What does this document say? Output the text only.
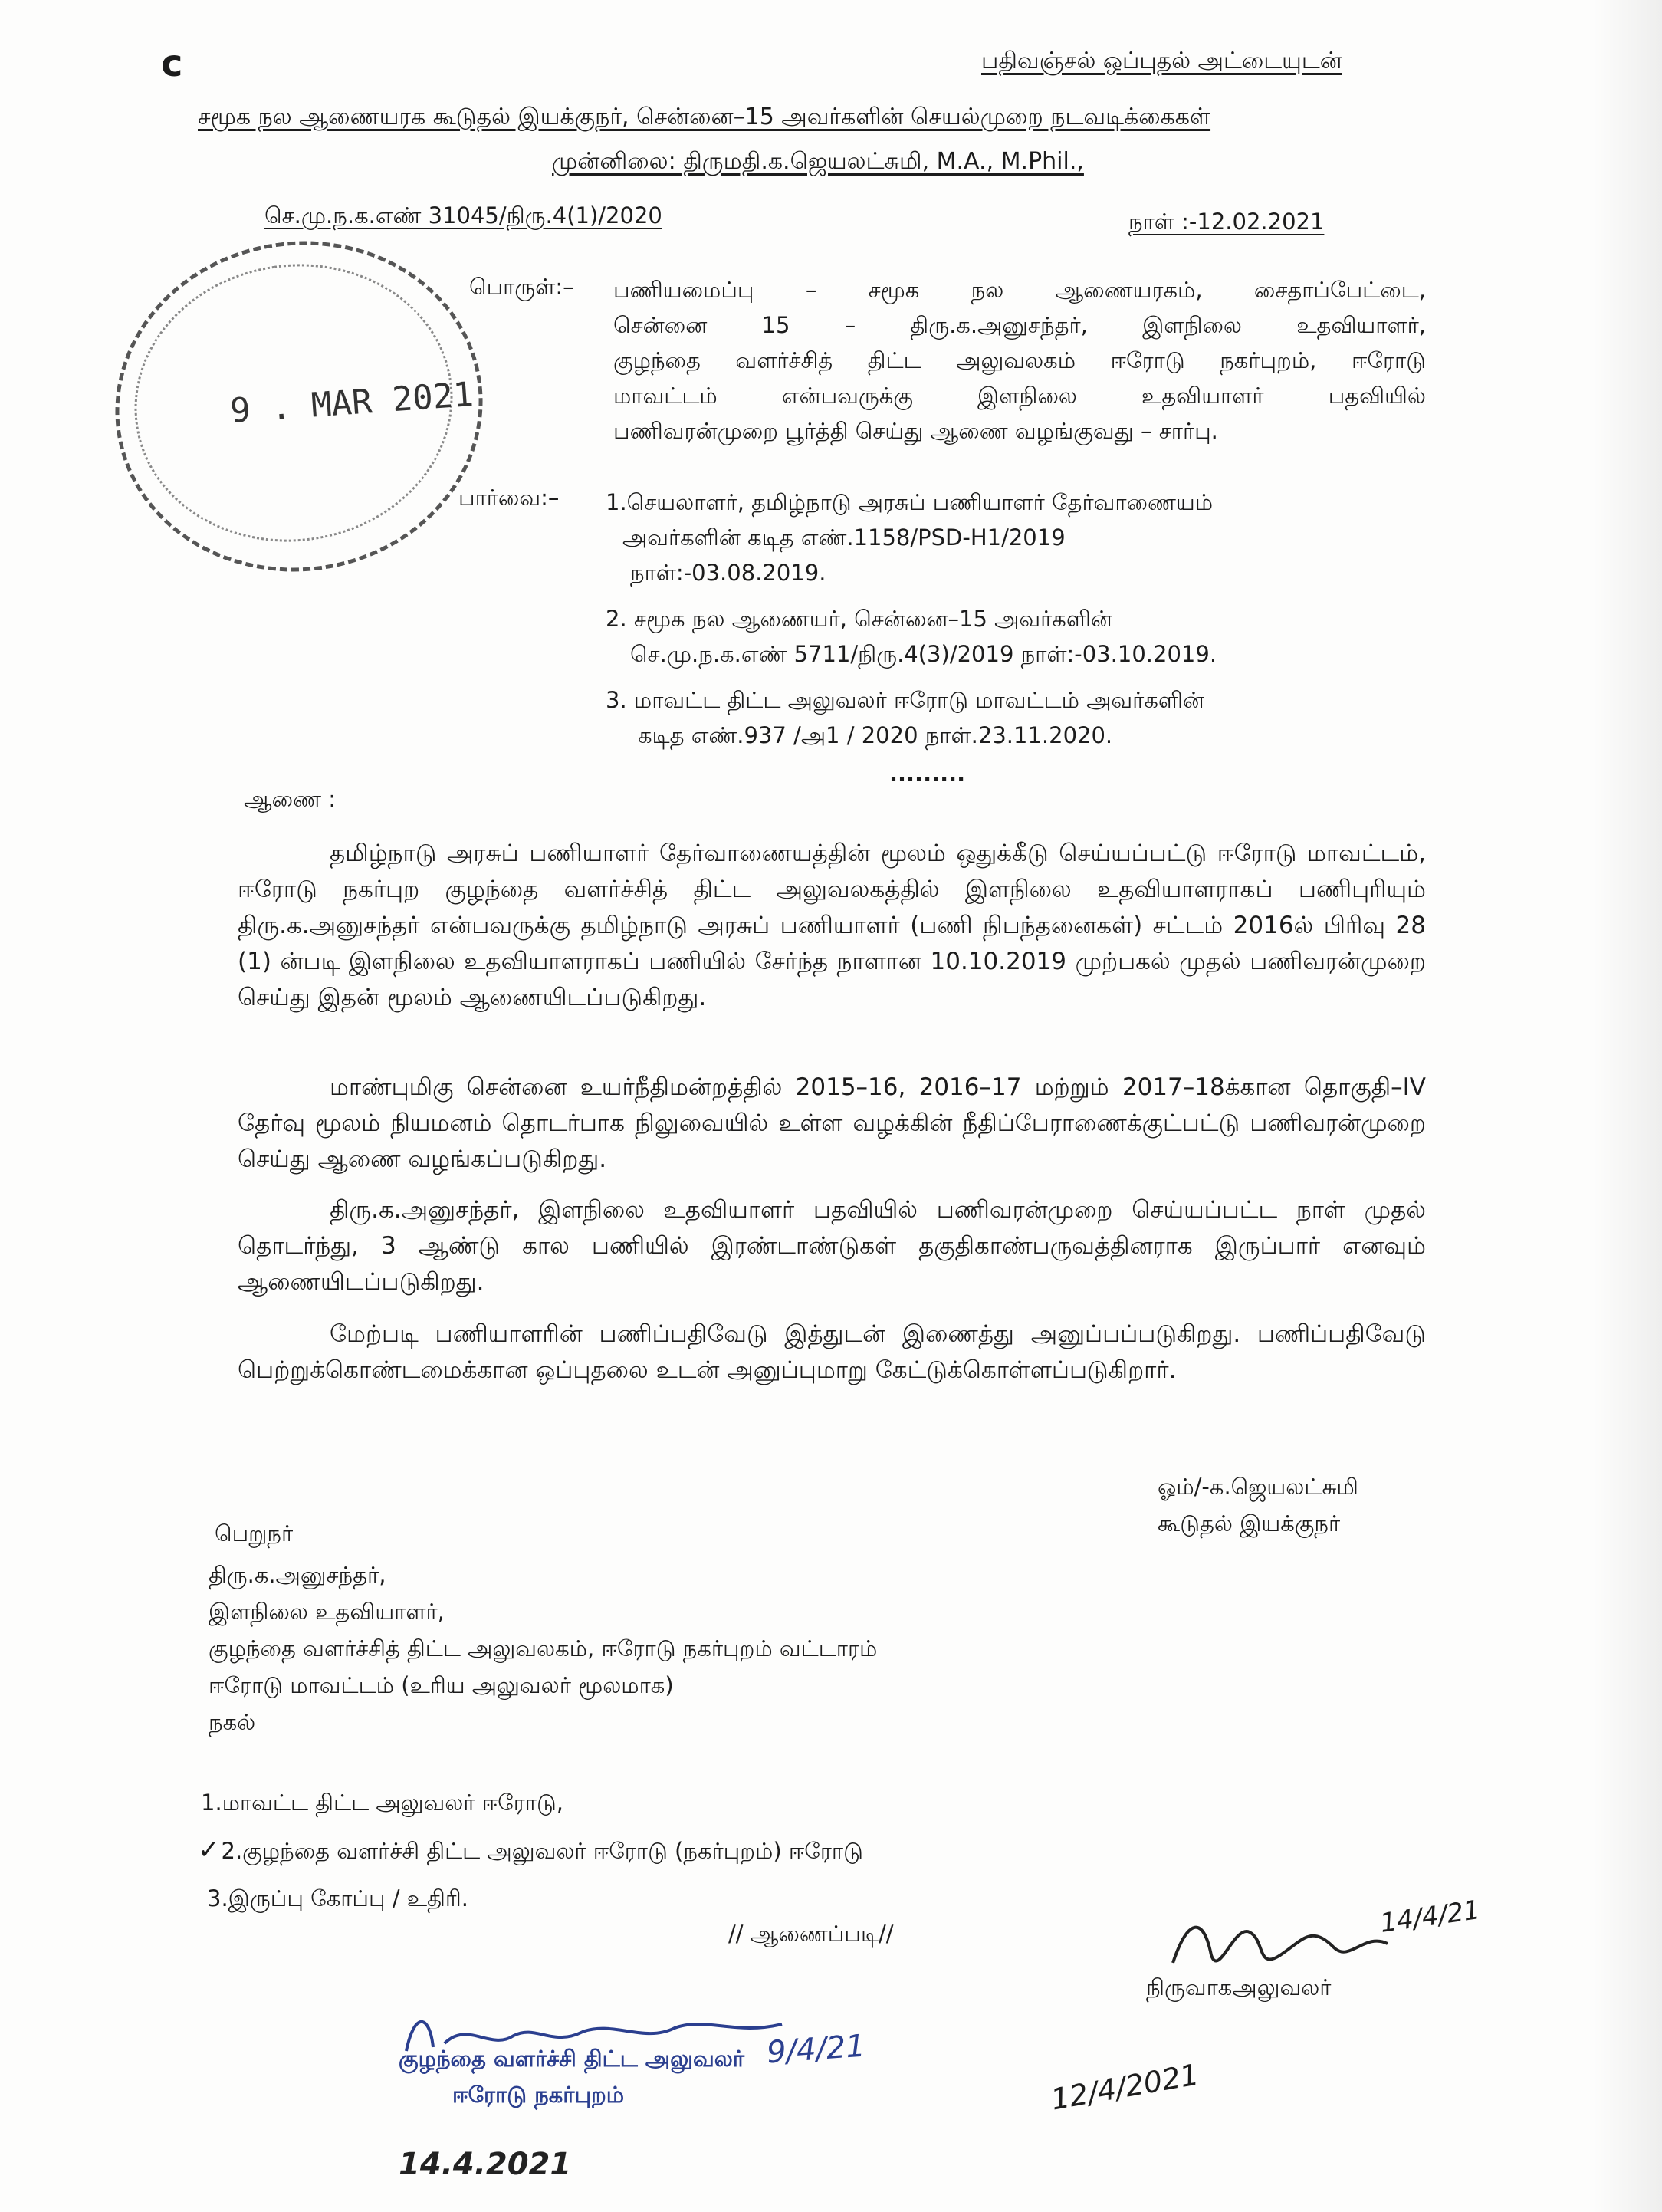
c	பதிவஞ்சல் ஒப்புதல் அட்டையுடன்
சமூக நல ஆணையரக கூடுதல் இயக்குநர், சென்னை–15 அவர்களின் செயல்முறை நடவடிக்கைகள்
முன்னிலை: திருமதி.க.ஜெயலட்சுமி, M.A., M.Phil.,
செ.மு.ந.க.எண் 31045/நிரு.4(1)/2020	நாள் :-12.02.2021
9 . MAR 2021
பொருள்:– பணியமைப்பு – சமூக நல ஆணையரகம், சைதாப்பேட்டை,
சென்னை 15 – திரு.க.அனுசந்தர், இளநிலை உதவியாளர்,
குழந்தை வளர்ச்சித் திட்ட அலுவலகம் ஈரோடு நகர்புறம், ஈரோடு
மாவட்டம் என்பவருக்கு இளநிலை உதவியாளர் பதவியில்
பணிவரன்முறை பூர்த்தி செய்து ஆணை வழங்குவது – சார்பு.
பார்வை:– 1.செயலாளர், தமிழ்நாடு அரசுப் பணியாளர் தேர்வாணையம்
அவர்களின் கடித எண்.1158/PSD-H1/2019
நாள்:-03.08.2019.
2. சமூக நல ஆணையர், சென்னை–15 அவர்களின்
செ.மு.ந.க.எண் 5711/நிரு.4(3)/2019 நாள்:-03.10.2019.
3. மாவட்ட திட்ட அலுவலர் ஈரோடு மாவட்டம் அவர்களின்
கடித எண்.937 /அ1 / 2020 நாள்.23.11.2020.
.........
ஆணை :
தமிழ்நாடு அரசுப் பணியாளர் தேர்வாணையத்தின் மூலம் ஒதுக்கீடு செய்யப்பட்டு ஈரோடு மாவட்டம், ஈரோடு நகர்புற குழந்தை வளர்ச்சித் திட்ட அலுவலகத்தில் இளநிலை உதவியாளராகப் பணிபுரியும் திரு.க.அனுசந்தர் என்பவருக்கு தமிழ்நாடு அரசுப் பணியாளர் (பணி நிபந்தனைகள்) சட்டம் 2016ல் பிரிவு 28 (1) ன்படி இளநிலை உதவியாளராகப் பணியில் சேர்ந்த நாளான 10.10.2019 முற்பகல் முதல் பணிவரன்முறை செய்து இதன் மூலம் ஆணையிடப்படுகிறது.
மாண்புமிகு சென்னை உயர்நீதிமன்றத்தில் 2015–16, 2016–17 மற்றும் 2017–18க்கான தொகுதி–IV தேர்வு மூலம் நியமனம் தொடர்பாக நிலுவையில் உள்ள வழக்கின் நீதிப்பேராணைக்குட்பட்டு பணிவரன்முறை செய்து ஆணை வழங்கப்படுகிறது.
திரு.க.அனுசந்தர், இளநிலை உதவியாளர் பதவியில் பணிவரன்முறை செய்யப்பட்ட நாள் முதல் தொடர்ந்து, 3 ஆண்டு கால பணியில் இரண்டாண்டுகள் தகுதிகாண்பருவத்தினராக இருப்பார் எனவும் ஆணையிடப்படுகிறது.
மேற்படி பணியாளரின் பணிப்பதிவேடு இத்துடன் இணைத்து அனுப்பப்படுகிறது. பணிப்பதிவேடு பெற்றுக்கொண்டமைக்கான ஒப்புதலை உடன் அனுப்புமாறு கேட்டுக்கொள்ளப்படுகிறார்.
ஓம்/-க.ஜெயலட்சுமி
கூடுதல் இயக்குநர்
பெறுநர்
திரு.க.அனுசந்தர்,
இளநிலை உதவியாளர்,
குழந்தை வளர்ச்சித் திட்ட அலுவலகம், ஈரோடு நகர்புறம் வட்டாரம்
ஈரோடு மாவட்டம் (உரிய அலுவலர் மூலமாக)
நகல்
1.மாவட்ட திட்ட அலுவலர் ஈரோடு,
✓2.குழந்தை வளர்ச்சி திட்ட அலுவலர் ஈரோடு (நகர்புறம்) ஈரோடு
3.இருப்பு கோப்பு / உதிரி.
// ஆணைப்படி//
நிருவாகஅலுவலர்
14/4/21
குழந்தை வளர்ச்சி திட்ட அலுவலர்
ஈரோடு நகர்புறம்
9/4/21
12/4/2021
14.4.2021
